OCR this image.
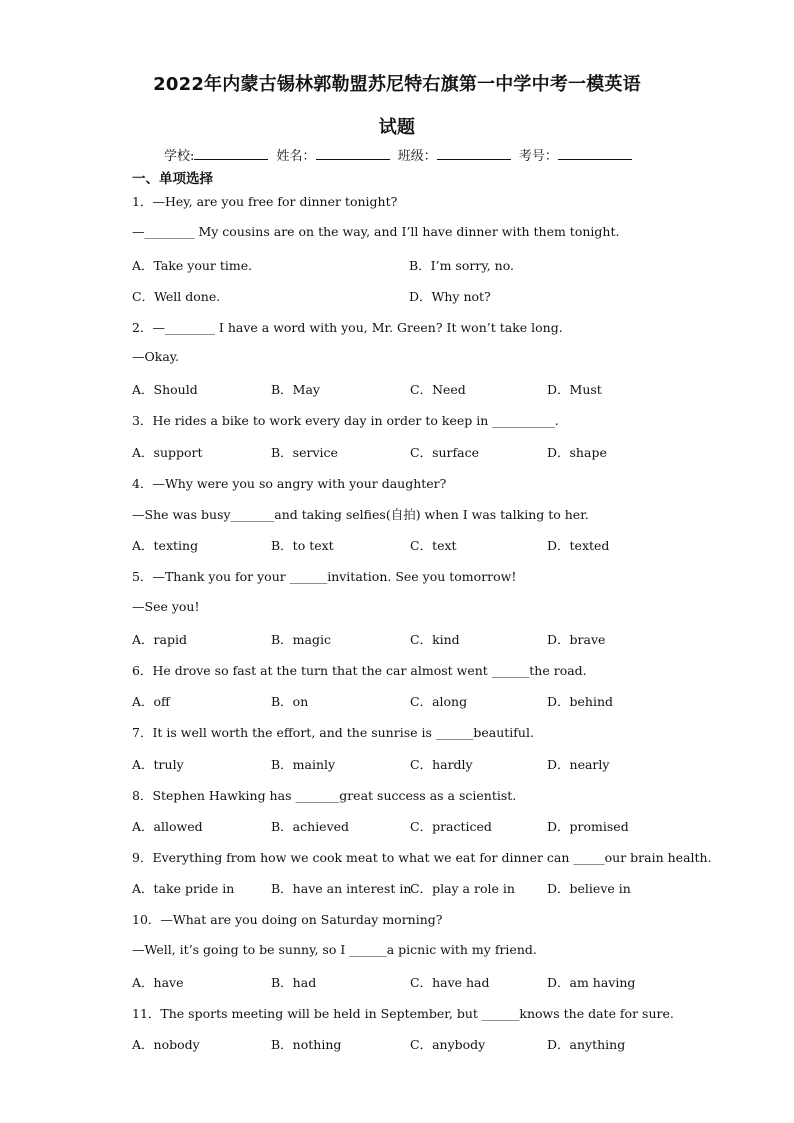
2022年内蒙古锡林郭勒盟苏尼特右旗第一中学中考一模英语
试题
学校:	姓名：	班级：	考号：
一、单项选择
1．—Hey, are you free for dinner tonight?
—________ My cousins are on the way, and I’ll have dinner with them tonight.
A．Take your time.	B．I’m sorry, no.
C．Well done.	D．Why not?
2．—________ I have a word with you, Mr. Green? It won’t take long.
—Okay.
A．Should	B．May	C．Need	D．Must
3．He rides a bike to work every day in order to keep in __________.
A．support	B．service	C．surface	D．shape
4．—Why were you so angry with your daughter?
—She was busy_______and taking selfies(自拍) when I was talking to her.
A．texting	B．to text	C．text	D．texted
5．—Thank you for your ______invitation. See you tomorrow!
—See you!
A．rapid	B．magic	C．kind	D．brave
6．He drove so fast at the turn that the car almost went ______the road.
A．off	B．on	C．along	D．behind
7．It is well worth the effort, and the sunrise is ______beautiful.
A．truly	B．mainly	C．hardly	D．nearly
8．Stephen Hawking has _______great success as a scientist.
A．allowed	B．achieved	C．practiced	D．promised
9．Everything from how we cook meat to what we eat for dinner can _____our brain health.
A．take pride in	B．have an interest in
C．play a role in	D．believe in
10．—What are you doing on Saturday morning?
—Well, it’s going to be sunny, so I ______a picnic with my friend.
A．have	B．had	C．have had	D．am having
11．The sports meeting will be held in September, but ______knows the date for sure.
A．nobody	B．nothing	C．anybody	D．anything
